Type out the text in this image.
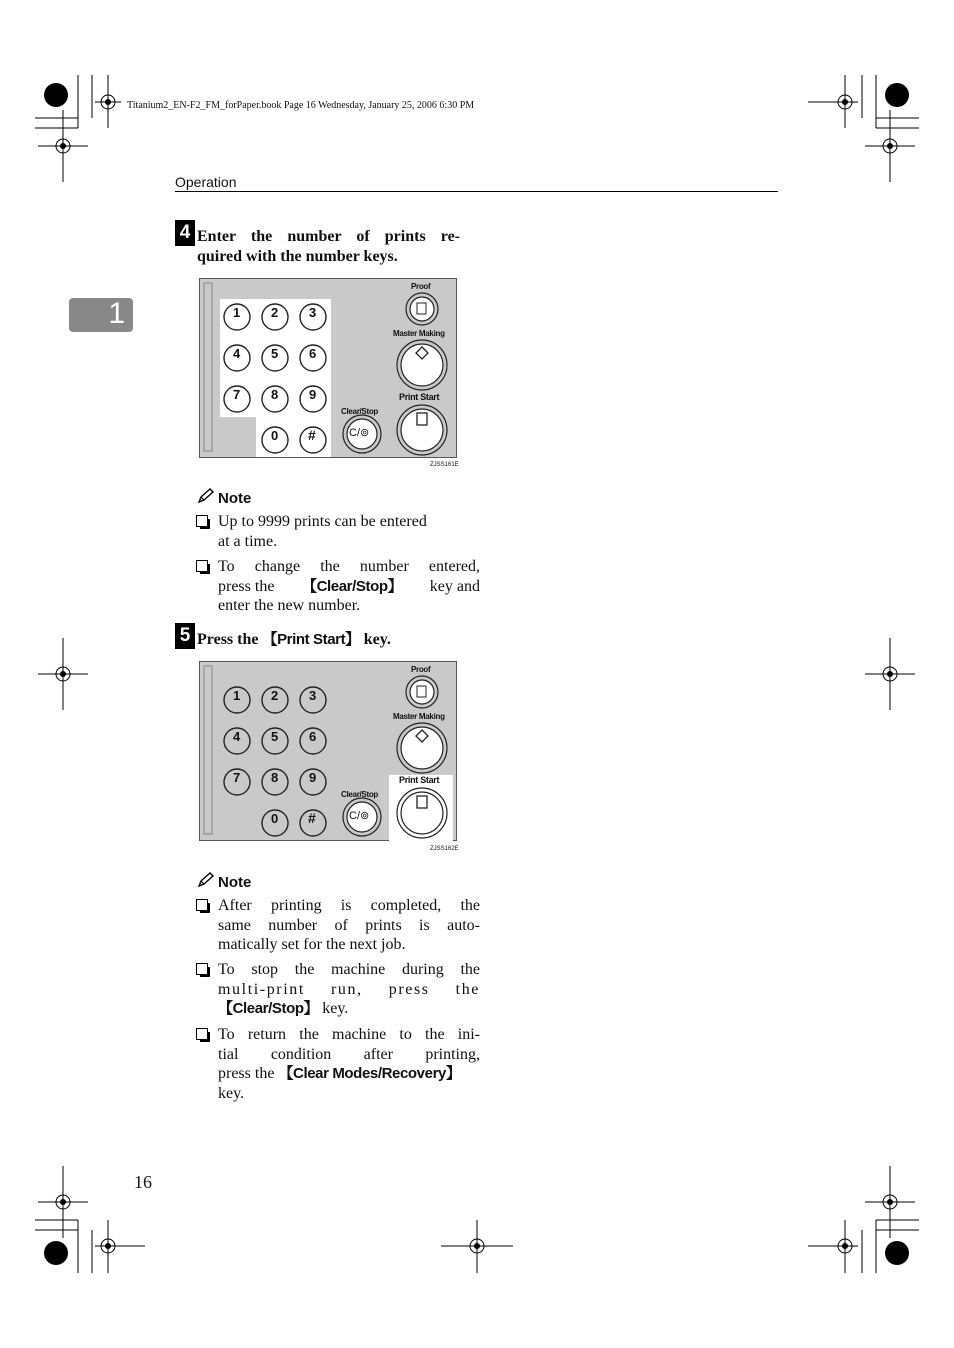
Titanium2_EN-F2_FM_forPaper.book Page 16 Wednesday, January 25, 2006 6:30 PM
Operation
1
4 Enter the number of prints re-
quired with the number keys.
1 2 3
4 5 6
7 8 9
0 #
Proof
Master Making
Print Start
Clear/Stop
C/⊚
ZJSS161E
Note
Up to 9999 prints can be entered
at a time.
To change the number entered,
press the 【Clear/Stop】 key and
enter the new number.
5 Press the 【Print Start】 key.
1 2 3
4 5 6
7 8 9
0 #
Proof
Master Making
Print Start
Clear/Stop
C/⊚
ZJSS162E
Note
After printing is completed, the
same number of prints is auto-
matically set for the next job.
To stop the machine during the
multi-print run, press the
【Clear/Stop】 key.
To return the machine to the ini-
tial condition after printing,
press the 【Clear Modes/Recovery】
key.
16
